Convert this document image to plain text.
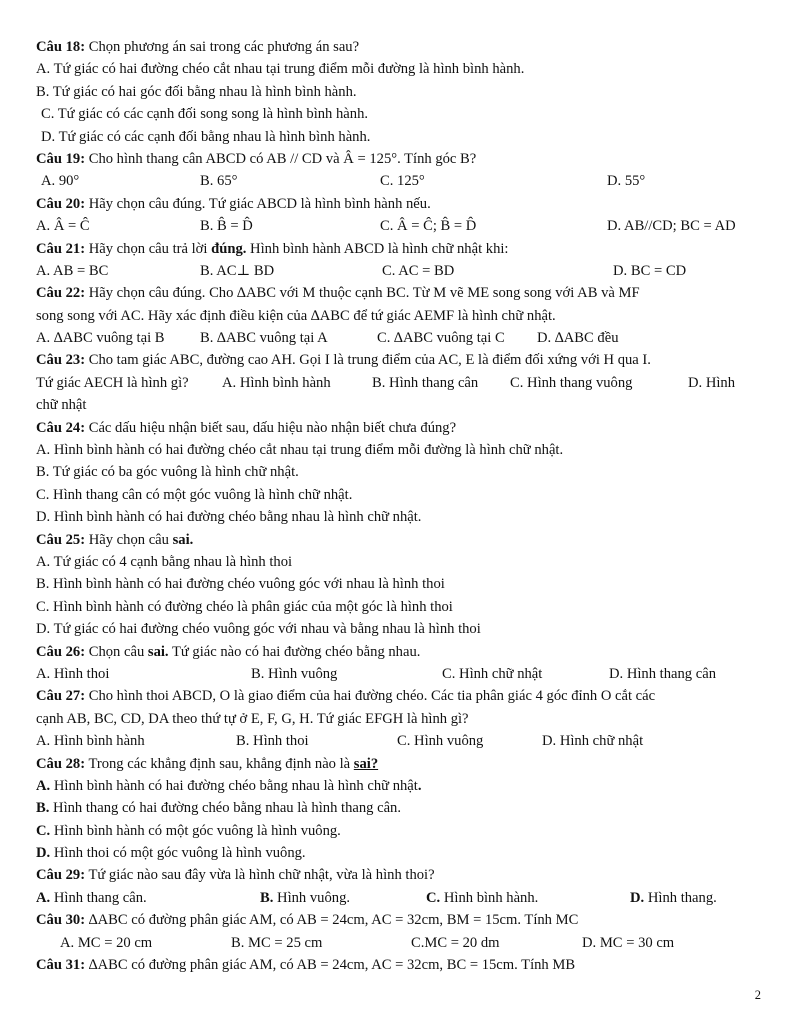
Câu 18: Chọn phương án sai trong các phương án sau?
A. Tứ giác có hai đường chéo cắt nhau tại trung điểm mỗi đường là hình bình hành.
B. Tứ giác có hai góc đối bằng nhau là hình bình hành.
C. Tứ giác có các cạnh đối song song là hình bình hành.
D. Tứ giác có các cạnh đối bằng nhau là hình bình hành.
Câu 19: Cho hình thang cân ABCD có AB // CD và Â = 125°. Tính góc B?
A. 90°	B. 65°	C. 125°	D. 55°
Câu 20: Hãy chọn câu đúng. Tứ giác ABCD là hình bình hành nếu.
A. Â = Ĉ	B. B̂ = D̂	C. Â = Ĉ; B̂ = D̂	D. AB//CD; BC = AD
Câu 21: Hãy chọn câu trả lời đúng. Hình bình hành ABCD là hình chữ nhật khi:
A. AB = BC	B. AC⊥ BD	C. AC = BD	D. BC = CD
Câu 22: Hãy chọn câu đúng. Cho ∆ABC với M thuộc cạnh BC. Từ M vẽ ME song song với AB và MF
song song với AC. Hãy xác định điều kiện của ∆ABC để tứ giác AEMF là hình chữ nhật.
A. ∆ABC vuông tại B B. ∆ABC vuông tại A	C. ∆ABC vuông tại C D. ∆ABC đều
Câu 23: Cho tam giác ABC, đường cao AH. Gọi I là trung điểm của AC, E là điểm đối xứng với H qua I.
Tứ giác AECH là hình gì? A. Hình bình hành	B. Hình thang cân C. Hình thang vuông	D. Hình
chữ nhật
Câu 24: Các dấu hiệu nhận biết sau, dấu hiệu nào nhận biết chưa đúng?
A. Hình bình hành có hai đường chéo cắt nhau tại trung điểm mỗi đường là hình chữ nhật.
B. Tứ giác có ba góc vuông là hình chữ nhật.
C. Hình thang cân có một góc vuông là hình chữ nhật.
D. Hình bình hành có hai đường chéo bằng nhau là hình chữ nhật.
Câu 25: Hãy chọn câu sai.
A. Tứ giác có 4 cạnh bằng nhau là hình thoi
B. Hình bình hành có hai đường chéo vuông góc với nhau là hình thoi
C. Hình bình hành có đường chéo là phân giác của một góc là hình thoi
D. Tứ giác có hai đường chéo vuông góc với nhau và bằng nhau là hình thoi
Câu 26: Chọn câu sai. Tứ giác nào có hai đường chéo bằng nhau.
A. Hình thoi	B. Hình vuông	C. Hình chữ nhật	D. Hình thang cân
Câu 27: Cho hình thoi ABCD, O là giao điểm của hai đường chéo. Các tia phân giác 4 góc đỉnh O cắt các
cạnh AB, BC, CD, DA theo thứ tự ở E, F, G, H. Tứ giác EFGH là hình gì?
A. Hình bình hành	B. Hình thoi	C. Hình vuông	D. Hình chữ nhật
Câu 28: Trong các khẳng định sau, khẳng định nào là sai?
A. Hình bình hành có hai đường chéo bằng nhau là hình chữ nhật.
B. Hình thang có hai đường chéo bằng nhau là hình thang cân.
C. Hình bình hành có một góc vuông là hình vuông.
D. Hình thoi có một góc vuông là hình vuông.
Câu 29: Tứ giác nào sau đây vừa là hình chữ nhật, vừa là hình thoi?
A. Hình thang cân.	B. Hình vuông.	C. Hình bình hành.	D. Hình thang.
Câu 30: ∆ABC có đường phân giác AM, có AB = 24cm, AC = 32cm, BM = 15cm. Tính MC
A. MC = 20 cm	B. MC = 25 cm	C.MC = 20 dm	D. MC = 30 cm
Câu 31: ∆ABC có đường phân giác AM, có AB = 24cm, AC = 32cm, BC = 15cm. Tính MB
2
